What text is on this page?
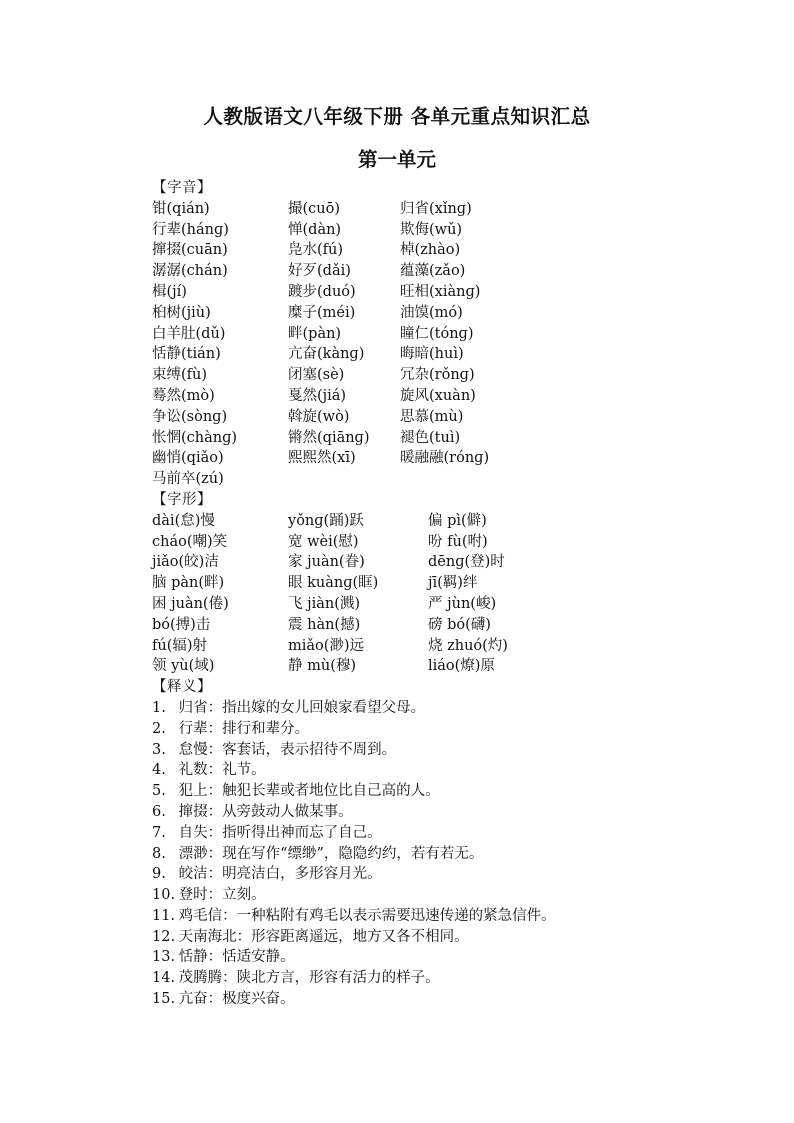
人教版语文八年级下册 各单元重点知识汇总
第一单元
【字音】
钳(qián)	撮(cuō)	归省(xǐnɡ)
行辈(hánɡ)	惮(dàn)	欺侮(wǔ)
撺掇(cuān)	凫水(fú)	棹(zhào)
潺潺(chán)	好歹(dǎi)	蕴藻(zǎo)
楫(jí)	踱步(duó)	旺相(xiànɡ)
桕树(jiù)	糜子(méi)	油馍(mó)
白羊肚(dǔ)	畔(pàn)	瞳仁(tónɡ)
恬静(tián)	亢奋(kànɡ) 晦暗(huì)
束缚(fù)	闭塞(sè)	冗杂(rǒnɡ)
蓦然(mò)	戛然(jiá)	旋风(xuàn)
争讼(sònɡ)	斡旋(wò)	思慕(mù)
怅惘(chànɡ)	锵然(qiānɡ) 褪色(tuì)
幽悄(qiǎo)	熙熙然(xī)	暖融融(rónɡ)
马前卒(zú)
【字形】
dài(怠)慢	yǒnɡ(踊)跃	偏 pì(僻)
cháo(嘲)笑	宽 wèi(慰)	吩 fù(咐)
jiǎo(皎)洁	家 juàn(眷)	dēnɡ(登)时
脑 pàn(畔)	眼 kuànɡ(眶)	jī(羁)绊
困 juàn(倦)	飞 jiàn(溅)	严 jùn(峻)
bó(搏)击	震 hàn(撼)	磅 bó(礴)
fú(辐)射	miǎo(渺)远	烧 zhuó(灼)
领 yù(域)	静 mù(穆)	liáo(燎)原
【释义】
1. 归省：指出嫁的女儿回娘家看望父母。
2. 行辈：排行和辈分。
3. 怠慢：客套话，表示招待不周到。
4. 礼数：礼节。
5. 犯上：触犯长辈或者地位比自己高的人。
6. 撺掇：从旁鼓动人做某事。
7. 自失：指听得出神而忘了自己。
8. 漂渺：现在写作“缥缈”，隐隐约约，若有若无。
9. 皎洁：明亮洁白，多形容月光。
10. 登时：立刻。
11. 鸡毛信：一种粘附有鸡毛以表示需要迅速传递的紧急信件。
12. 天南海北：形容距离遥远，地方又各不相同。
13. 恬静：恬适安静。
14. 茂腾腾：陕北方言，形容有活力的样子。
15. 亢奋：极度兴奋。
